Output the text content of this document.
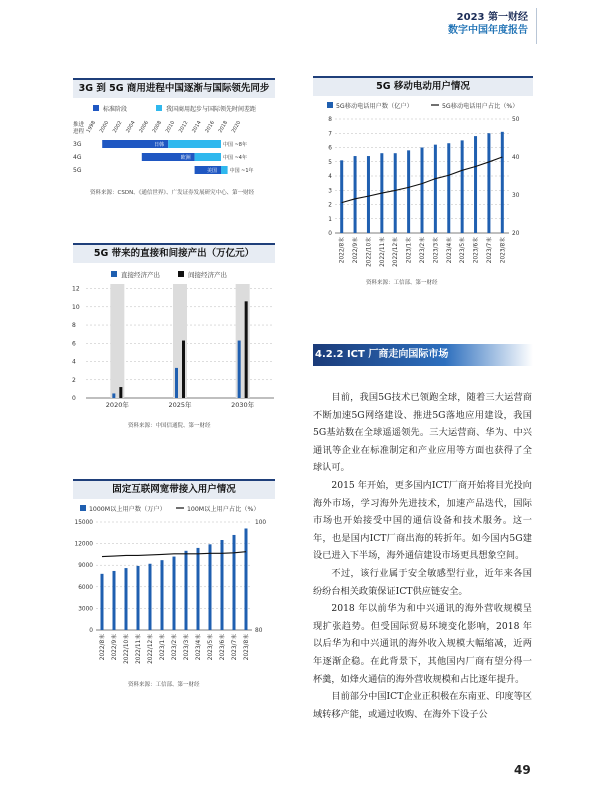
2023 第一财经
数字中国年度报告
3G 到 5G 商用进程中国逐渐与国际领先同步
标准阶段	我国商用起步与国际领先时间差距
推进
进程 1998 2000 2002 2004 2006 2008 2010 2012 2014 2016 2018 2020
3G	日韩	中国 ~8年
4G	欧洲	中国 ~4年
5G	美国	中国 ~1年
资料来源：CSDN、《通信世界》、广发证券发展研究中心、第一财经
5G 带来的直接和间接产出（万亿元）
直接经济产出	间接经济产出
0
2
4
6
8
10
12
2020年	2025年	2030年
资料来源：中国信通院、第一财经
固定互联网宽带接入用户情况
1000M以上用户数（万户）	100M以上用户占比（%）
0
3000
6000
9000
12000
15000
80
100
2022/8末	2022/9末	2022/10末	2022/11末	2022/12末	2023/1末	2023/2末	2023/3末	2023/4末	2023/5末	2023/6末	2023/7末	2023/8末
资料来源：工信部、第一财经
5G 移动电动用户情况
5G移动电话用户数（亿户）	5G移动电话用户占比（%）
0
1
2
3
4
5
6
7
8
20
30
40
50
2022/8末	2022/9末	2022/10末	2022/11末	2022/12末	2023/1末	2023/2末	2023/3末	2023/4末	2023/5末	2023/6末	2023/7末	2023/8末
资料来源：工信部、第一财经
4.2.2 ICT 厂商走向国际市场

目前，我国5G技术已领跑全球，随着三大运营商不断加速5G网络建设、推进5G落地应用建设，我国5G基站数在全球遥遥领先。三大运营商、华为、中兴通讯等企业在标准制定和产业应用等方面也获得了全球认可。

2015 年开始，更多国内ICT厂商开始将目光投向海外市场，学习海外先进技术，加速产品迭代，国际市场也开始接受中国的通信设备和技术服务。这一年，也是国内ICT厂商出海的转折年。如今国内5G建设已进入下半场，海外通信建设市场更具想象空间。

不过，该行业属于安全敏感型行业，近年来各国纷纷台相关政策保证ICT供应链安全。

2018 年以前华为和中兴通讯的海外营收规模呈现扩张趋势。但受国际贸易环境变化影响，2018 年以后华为和中兴通讯的海外收入规模大幅缩减，近两年逐渐企稳。在此背景下，其他国内厂商有望分得一杯羹，如烽火通信的海外营收规模和占比逐年提升。

目前部分中国ICT企业正积极在东南亚、印度等区域转移产能，或通过收购、在海外下设子公

49
